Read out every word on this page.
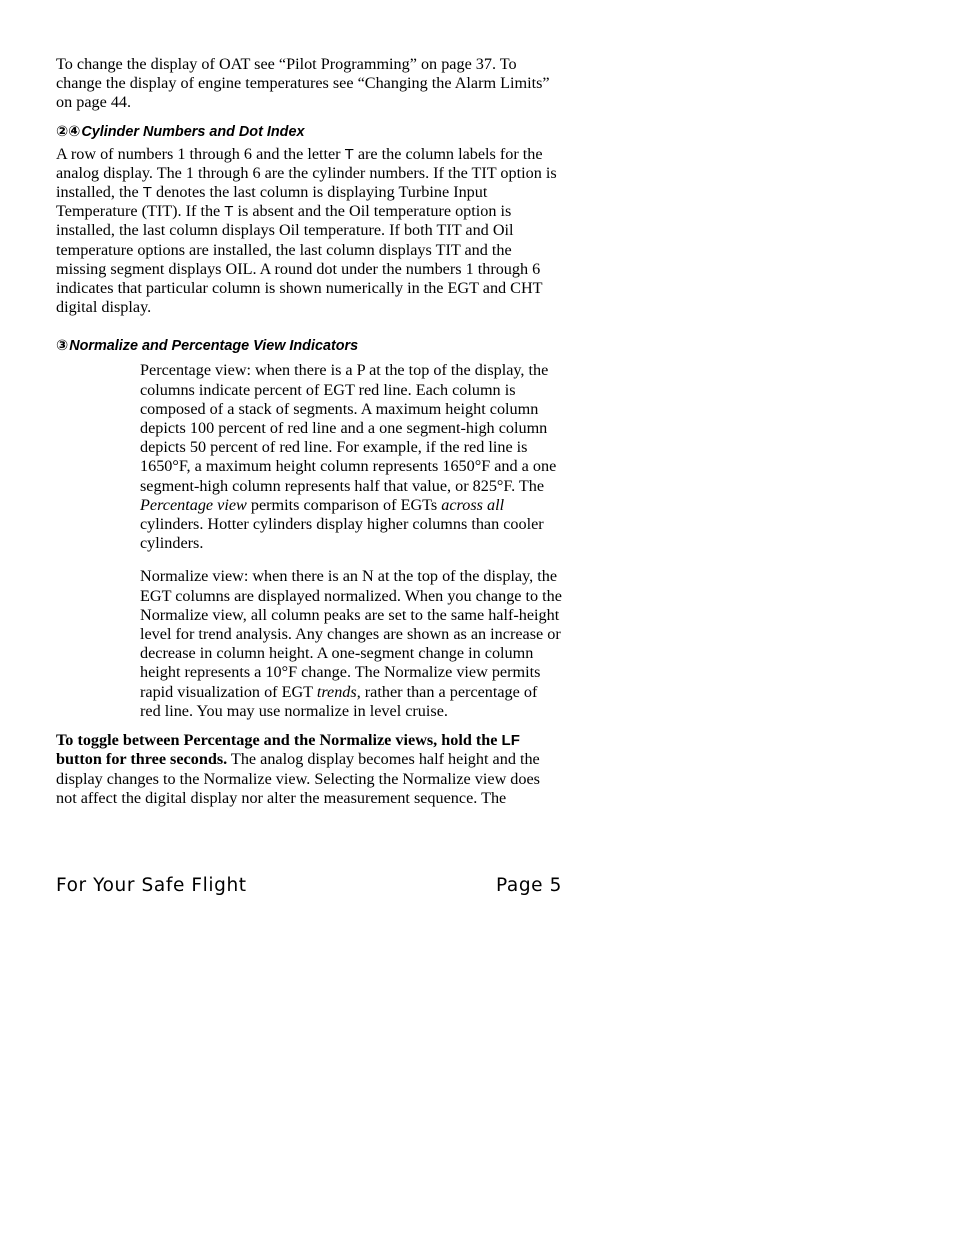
To change the display of OAT see “Pilot Programming” on page 37. To change the display of engine temperatures see “Changing the Alarm Limits” on page 44.

②④Cylinder Numbers and Dot Index

A row of numbers 1 through 6 and the letter T are the column labels for the analog display. The 1 through 6 are the cylinder numbers. If the TIT option is installed, the T denotes the last column is displaying Turbine Input Temperature (TIT). If the T is absent and the Oil temperature option is installed, the last column displays Oil temperature. If both TIT and Oil temperature options are installed, the last column displays TIT and the missing segment displays OIL. A round dot under the numbers 1 through 6 indicates that particular column is shown numerically in the EGT and CHT digital display.

③Normalize and Percentage View Indicators

Percentage view: when there is a P at the top of the display, the columns indicate percent of EGT red line. Each column is composed of a stack of segments. A maximum height column depicts 100 percent of red line and a one segment-high column depicts 50 percent of red line. For example, if the red line is 1650°F, a maximum height column represents 1650°F and a one segment-high column represents half that value, or 825°F. The Percentage view permits comparison of EGTs across all cylinders. Hotter cylinders display higher columns than cooler cylinders.

Normalize view: when there is an N at the top of the display, the EGT columns are displayed normalized. When you change to the Normalize view, all column peaks are set to the same half-height level for trend analysis. Any changes are shown as an increase or decrease in column height. A one-segment change in column height represents a 10°F change. The Normalize view permits rapid visualization of EGT trends, rather than a percentage of red line. You may use normalize in level cruise.

To toggle between Percentage and the Normalize views, hold the LF button for three seconds. The analog display becomes half height and the display changes to the Normalize view. Selecting the Normalize view does not affect the digital display nor alter the measurement sequence. The

For Your Safe Flight	Page 5
